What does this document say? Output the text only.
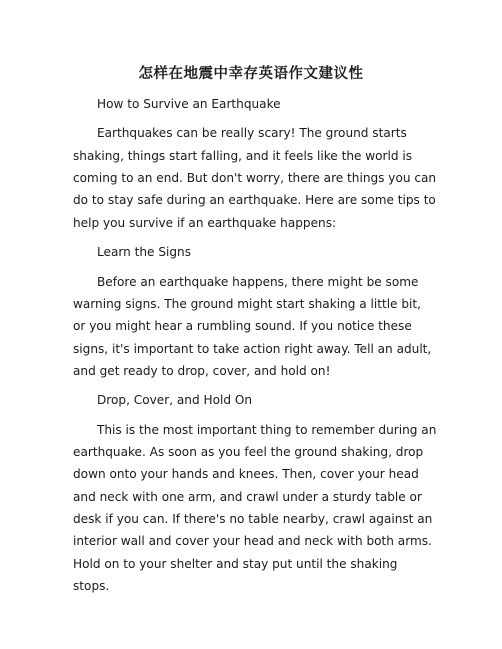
怎样在地震中幸存英语作文建议性

How to Survive an Earthquake

Earthquakes can be really scary! The ground starts shaking, things start falling, and it feels like the world is coming to an end. But don't worry, there are things you can do to stay safe during an earthquake. Here are some tips to help you survive if an earthquake happens:

Learn the Signs

Before an earthquake happens, there might be some warning signs. The ground might start shaking a little bit, or you might hear a rumbling sound. If you notice these signs, it's important to take action right away. Tell an adult, and get ready to drop, cover, and hold on!

Drop, Cover, and Hold On

This is the most important thing to remember during an earthquake. As soon as you feel the ground shaking, drop down onto your hands and knees. Then, cover your head and neck with one arm, and crawl under a sturdy table or desk if you can. If there's no table nearby, crawl against an interior wall and cover your head and neck with both arms. Hold on to your shelter and stay put until the shaking stops.
